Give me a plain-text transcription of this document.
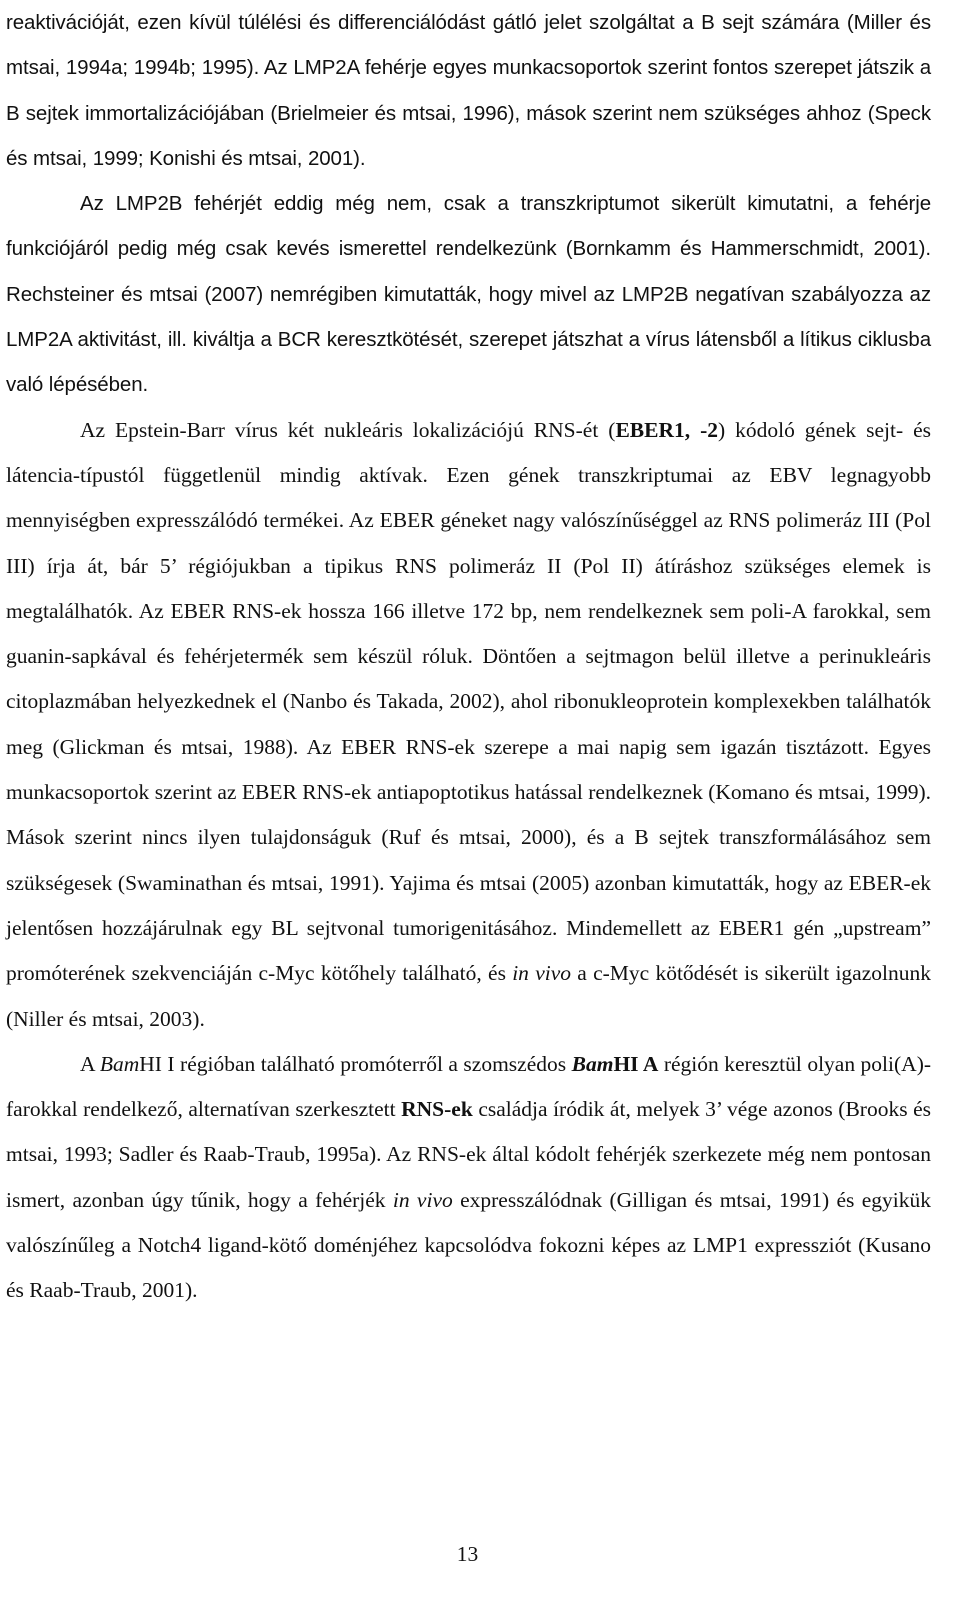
reaktivációját, ezen kívül túlélési és differenciálódást gátló jelet szolgáltat a B sejt számára (Miller és mtsai, 1994a; 1994b; 1995). Az LMP2A fehérje egyes munkacsoportok szerint fontos szerepet játszik a B sejtek immortalizációjában (Brielmeier és mtsai, 1996), mások szerint nem szükséges ahhoz (Speck és mtsai, 1999; Konishi és mtsai, 2001).

Az LMP2B fehérjét eddig még nem, csak a transzkriptumot sikerült kimutatni, a fehérje funkciójáról pedig még csak kevés ismerettel rendelkezünk (Bornkamm és Hammerschmidt, 2001). Rechsteiner és mtsai (2007) nemrégiben kimutatták, hogy mivel az LMP2B negatívan szabályozza az LMP2A aktivitást, ill. kiváltja a BCR keresztkötését, szerepet játszhat a vírus látensből a lítikus ciklusba való lépésében.

Az Epstein-Barr vírus két nukleáris lokalizációjú RNS-ét (EBER1, -2) kódoló gének sejt- és látencia-típustól függetlenül mindig aktívak. Ezen gének transzkriptumai az EBV legnagyobb mennyiségben expresszálódó termékei. Az EBER géneket nagy valószínűséggel az RNS polimeráz III (Pol III) írja át, bár 5’ régiójukban a tipikus RNS polimeráz II (Pol II) átíráshoz szükséges elemek is megtalálhatók. Az EBER RNS-ek hossza 166 illetve 172 bp, nem rendelkeznek sem poli-A farokkal, sem guanin-sapkával és fehérjetermék sem készül róluk. Döntően a sejtmagon belül illetve a perinukleáris citoplazmában helyezkednek el (Nanbo és Takada, 2002), ahol ribonukleoprotein komplexekben találhatók meg (Glickman és mtsai, 1988). Az EBER RNS-ek szerepe a mai napig sem igazán tisztázott. Egyes munkacsoportok szerint az EBER RNS-ek antiapoptotikus hatással rendelkeznek (Komano és mtsai, 1999). Mások szerint nincs ilyen tulajdonságuk (Ruf és mtsai, 2000), és a B sejtek transzformálásához sem szükségesek (Swaminathan és mtsai, 1991). Yajima és mtsai (2005) azonban kimutatták, hogy az EBER-ek jelentősen hozzájárulnak egy BL sejtvonal tumorigenitásához. Mindemellett az EBER1 gén „upstream” promóterének szekvenciáján c-Myc kötőhely található, és in vivo a c-Myc kötődését is sikerült igazolnunk (Niller és mtsai, 2003).

A BamHI I régióban található promóterről a szomszédos BamHI A régión keresztül olyan poli(A)-farokkal rendelkező, alternatívan szerkesztett RNS-ek családja íródik át, melyek 3’ vége azonos (Brooks és mtsai, 1993; Sadler és Raab-Traub, 1995a). Az RNS-ek által kódolt fehérjék szerkezete még nem pontosan ismert, azonban úgy tűnik, hogy a fehérjék in vivo expresszálódnak (Gilligan és mtsai, 1991) és egyikük valószínűleg a Notch4 ligand-kötő doménjéhez kapcsolódva fokozni képes az LMP1 expressziót (Kusano és Raab-Traub, 2001).

13
